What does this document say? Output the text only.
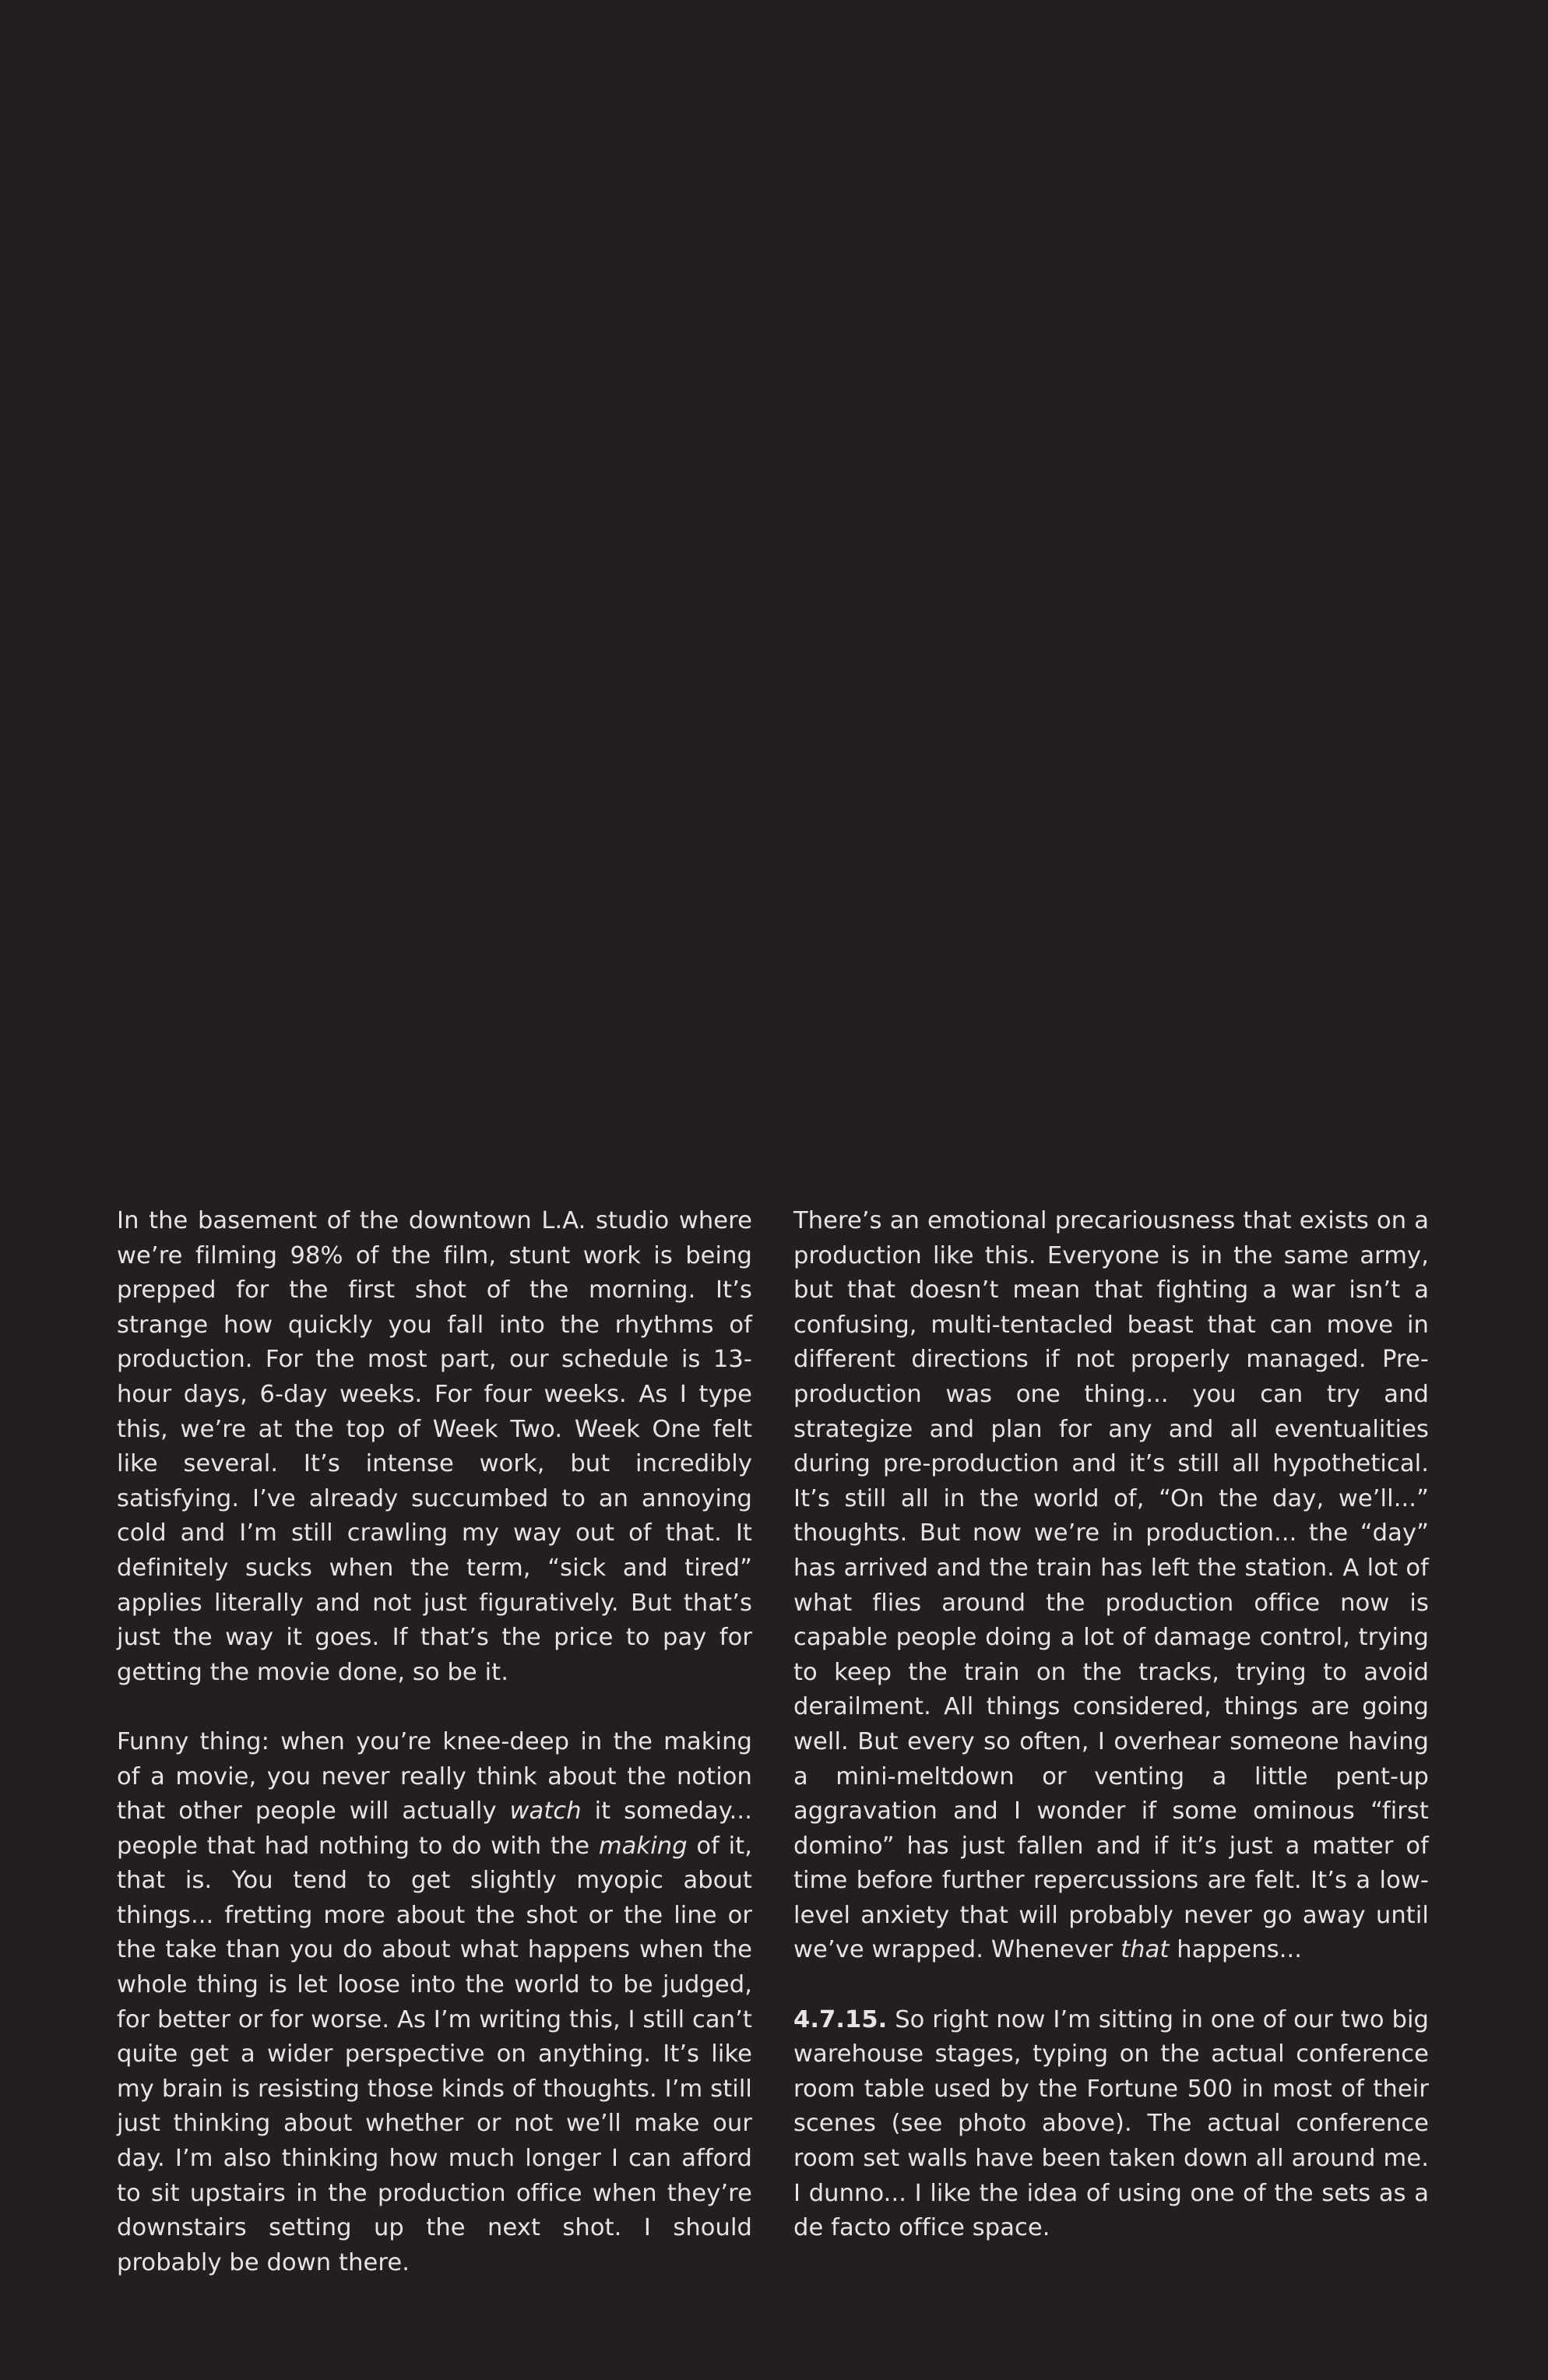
In the basement of the downtown L.A. studio where we’re filming 98% of the film, stunt work is being prepped for the first shot of the morning. It’s strange how quickly you fall into the rhythms of production. For the most part, our schedule is 13-hour days, 6-day weeks. For four weeks. As I type this, we’re at the top of Week Two. Week One felt like several. It’s intense work, but incredibly satisfying. I’ve already succumbed to an annoying cold and I’m still crawling my way out of that. It definitely sucks when the term, “sick and tired” applies literally and not just figuratively. But that’s just the way it goes. If that’s the price to pay for getting the movie done, so be it.

Funny thing: when you’re knee-deep in the making of a movie, you never really think about the notion that other people will actually watch it someday... people that had nothing to do with the making of it, that is. You tend to get slightly myopic about things... fretting more about the shot or the line or the take than you do about what happens when the whole thing is let loose into the world to be judged, for better or for worse. As I’m writing this, I still can’t quite get a wider perspective on anything. It’s like my brain is resisting those kinds of thoughts. I’m still just thinking about whether or not we’ll make our day. I’m also thinking how much longer I can afford to sit upstairs in the production office when they’re downstairs setting up the next shot. I should probably be down there.

There’s an emotional precariousness that exists on a production like this. Everyone is in the same army, but that doesn’t mean that fighting a war isn’t a confusing, multi-tentacled beast that can move in different directions if not properly managed. Pre-production was one thing... you can try and strategize and plan for any and all eventualities during pre-production and it’s still all hypothetical. It’s still all in the world of, “On the day, we’ll...” thoughts. But now we’re in production... the “day” has arrived and the train has left the station. A lot of what flies around the production office now is capable people doing a lot of damage control, trying to keep the train on the tracks, trying to avoid derailment. All things considered, things are going well. But every so often, I overhear someone having a mini-meltdown or venting a little pent-up aggravation and I wonder if some ominous “first domino” has just fallen and if it’s just a matter of time before further repercussions are felt. It’s a low-level anxiety that will probably never go away until we’ve wrapped. Whenever that happens...

4.7.15. So right now I’m sitting in one of our two big warehouse stages, typing on the actual conference room table used by the Fortune 500 in most of their scenes (see photo above). The actual conference room set walls have been taken down all around me. I dunno... I like the idea of using one of the sets as a de facto office space.
